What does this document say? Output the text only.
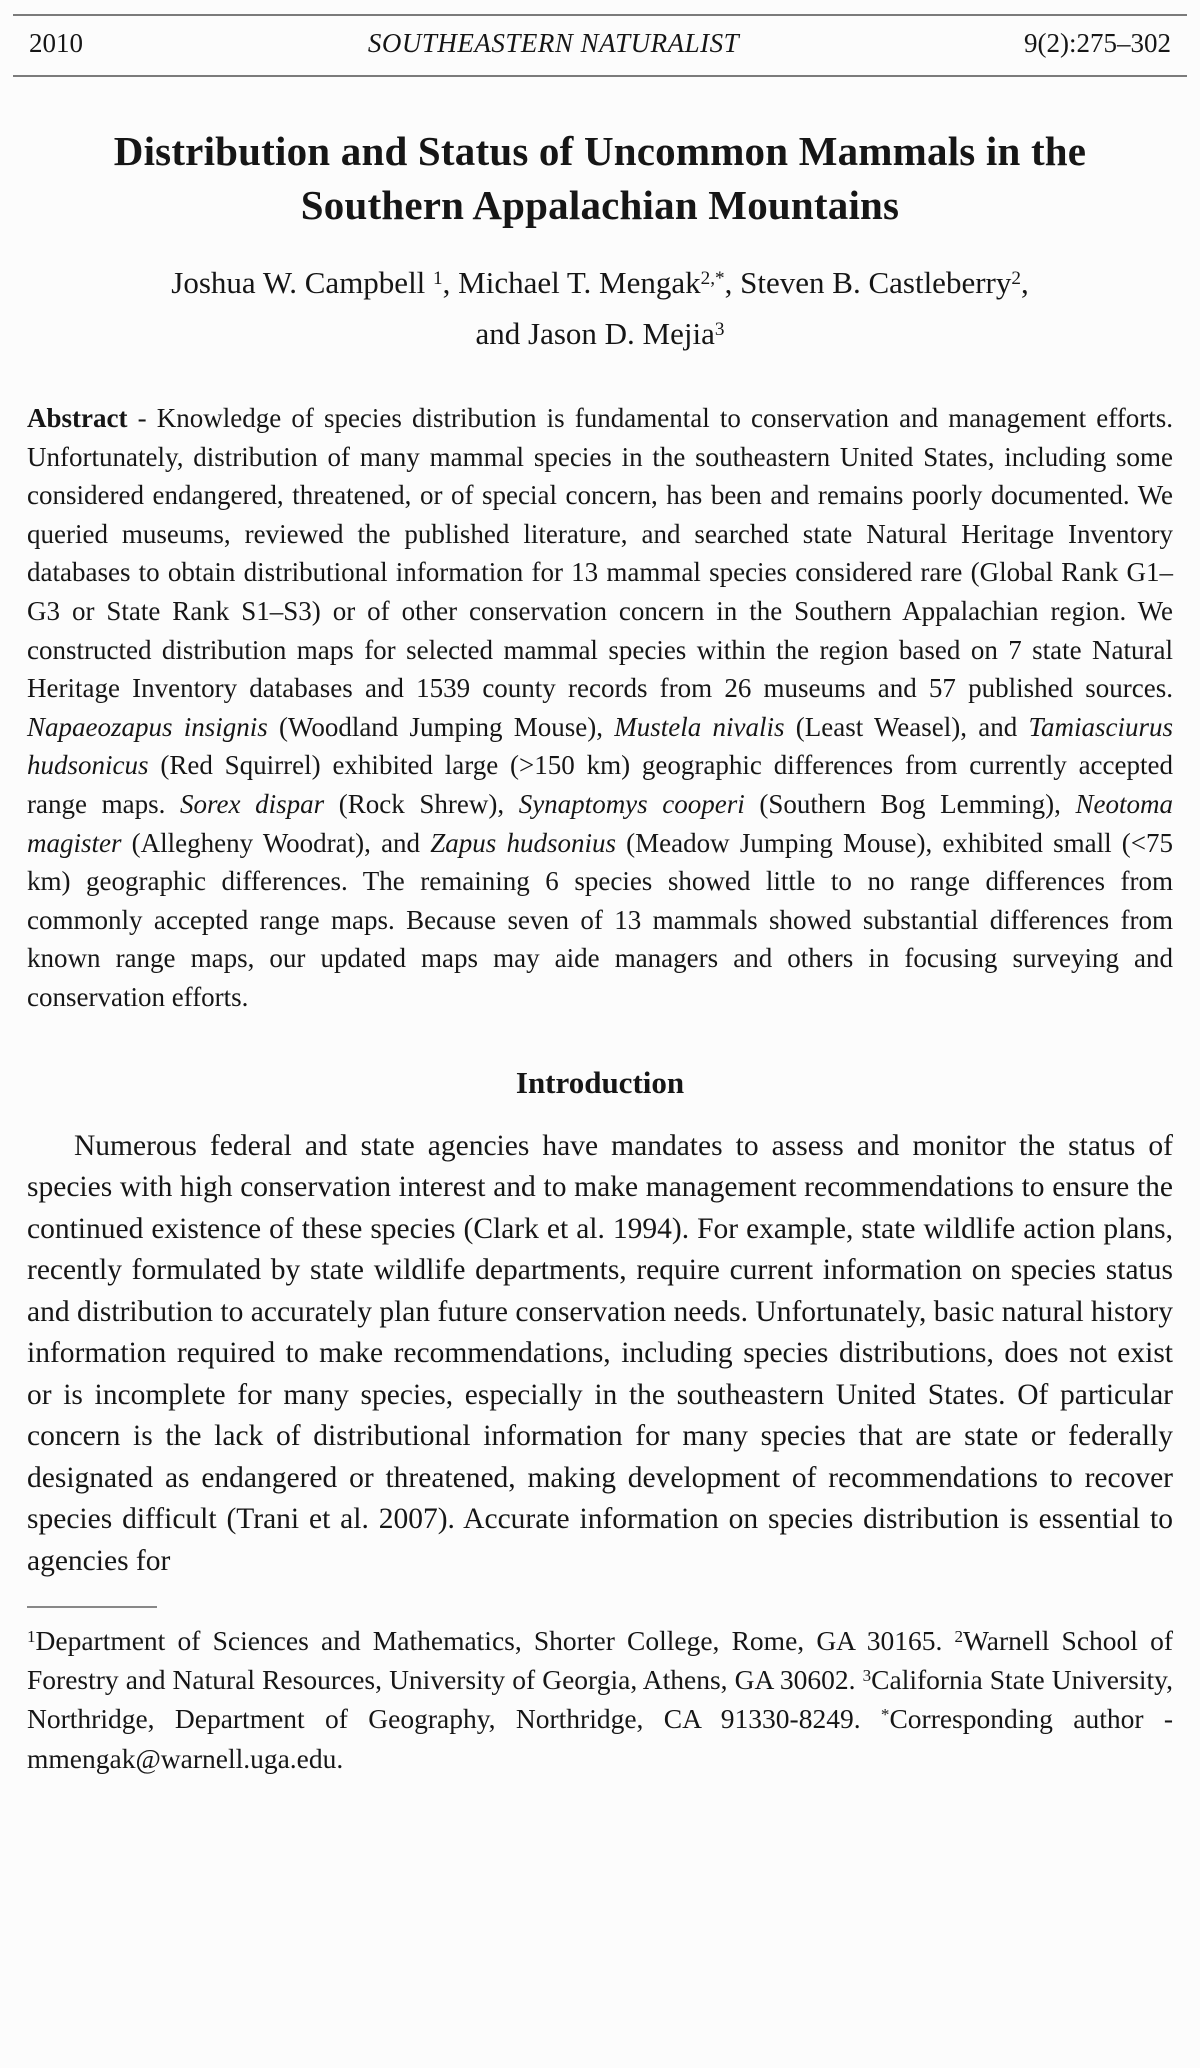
2010	SOUTHEASTERN NATURALIST	9(2):275–302
Distribution and Status of Uncommon Mammals in the
Southern Appalachian Mountains
Joshua W. Campbell $^1$, Michael T. Mengak$^{2,*}$, Steven B. Castleberry$^2$,
and Jason D. Mejia$^3$

Abstract - Knowledge of species distribution is fundamental to conservation and management efforts. Unfortunately, distribution of many mammal species in the southeastern United States, including some considered endangered, threatened, or of special concern, has been and remains poorly documented. We queried museums, reviewed the published literature, and searched state Natural Heritage Inventory databases to obtain distributional information for 13 mammal species considered rare (Global Rank G1–G3 or State Rank S1–S3) or of other conservation concern in the Southern Appalachian region. We constructed distribution maps for selected mammal species within the region based on 7 state Natural Heritage Inventory databases and 1539 county records from 26 museums and 57 published sources. Napaeozapus insignis (Woodland Jumping Mouse), Mustela nivalis (Least Weasel), and Tamiasciurus hudsonicus (Red Squirrel) exhibited large (>150 km) geographic differences from currently accepted range maps. Sorex dispar (Rock Shrew), Synaptomys cooperi (Southern Bog Lemming), Neotoma magister (Allegheny Woodrat), and Zapus hudsonius (Meadow Jumping Mouse), exhibited small (<75 km) geographic differences. The remaining 6 species showed little to no range differences from commonly accepted range maps. Because seven of 13 mammals showed substantial differences from known range maps, our updated maps may aide managers and others in focusing surveying and conservation efforts.

Introduction

Numerous federal and state agencies have mandates to assess and monitor the status of species with high conservation interest and to make management recommendations to ensure the continued existence of these species (Clark et al. 1994). For example, state wildlife action plans, recently formulated by state wildlife departments, require current information on species status and distribution to accurately plan future conservation needs. Unfortunately, basic natural history information required to make recommendations, including species distributions, does not exist or is incomplete for many species, especially in the southeastern United States. Of particular concern is the lack of distributional information for many species that are state or federally designated as endangered or threatened, making development of recommendations to recover species difficult (Trani et al. 2007). Accurate information on species distribution is essential to agencies for

$^1$Department of Sciences and Mathematics, Shorter College, Rome, GA 30165. $^2$Warnell School of Forestry and Natural Resources, University of Georgia, Athens, GA 30602. $^3$California State University, Northridge, Department of Geography, Northridge, CA 91330-8249. *Corresponding author - mmengak@warnell.uga.edu.
